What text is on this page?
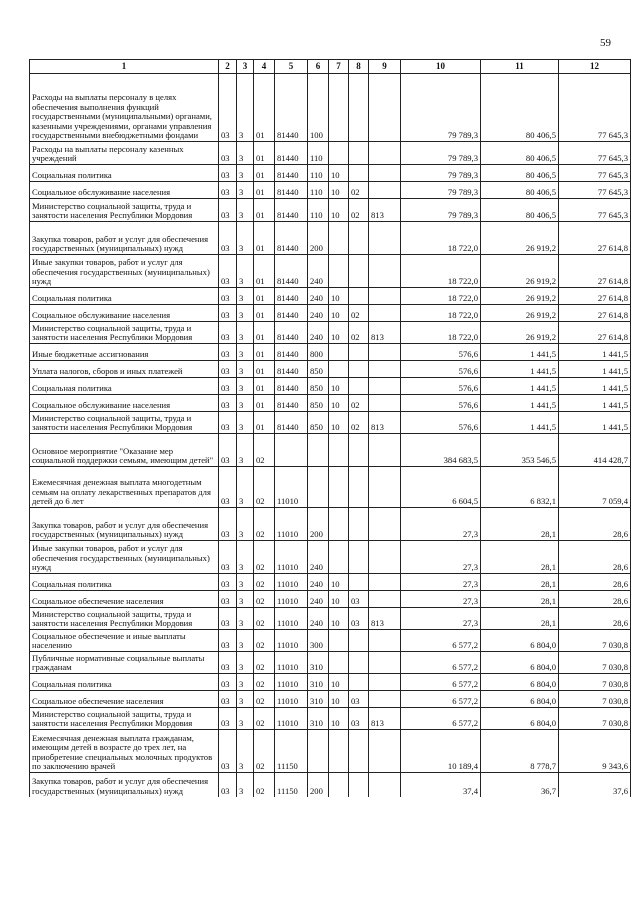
59
1	2	3	4	5	6	7	8	9	10	11	12
Расходы на выплаты персоналу в целях обеспечения выполнения функций государственными (муниципальными) органами, казенными учреждениями, органами управления государственными внебюджетными фондами	03	3	01	81440	100				79 789,3	80 406,5	77 645,3
Расходы на выплаты персоналу казенных учреждений	03	3	01	81440	110				79 789,3	80 406,5	77 645,3
Социальная политика	03	3	01	81440	110	10			79 789,3	80 406,5	77 645,3
Социальное обслуживание населения	03	3	01	81440	110	10	02		79 789,3	80 406,5	77 645,3
Министерство социальной защиты, труда и занятости населения Республики Мордовия	03	3	01	81440	110	10	02	813	79 789,3	80 406,5	77 645,3
Закупка товаров, работ и услуг для обеспечения государственных (муниципальных) нужд	03	3	01	81440	200				18 722,0	26 919,2	27 614,8
Иные закупки товаров, работ и услуг для обеспечения государственных (муниципальных) нужд	03	3	01	81440	240				18 722,0	26 919,2	27 614,8
Социальная политика	03	3	01	81440	240	10			18 722,0	26 919,2	27 614,8
Социальное обслуживание населения	03	3	01	81440	240	10	02		18 722,0	26 919,2	27 614,8
Министерство социальной защиты, труда и занятости населения Республики Мордовия	03	3	01	81440	240	10	02	813	18 722,0	26 919,2	27 614,8
Иные бюджетные ассигнования	03	3	01	81440	800				576,6	1 441,5	1 441,5
Уплата налогов, сборов и иных платежей	03	3	01	81440	850				576,6	1 441,5	1 441,5
Социальная политика	03	3	01	81440	850	10			576,6	1 441,5	1 441,5
Социальное обслуживание населения	03	3	01	81440	850	10	02		576,6	1 441,5	1 441,5
Министерство социальной защиты, труда и занятости населения Республики Мордовия	03	3	01	81440	850	10	02	813	576,6	1 441,5	1 441,5
Основное мероприятие "Оказание мер социальной поддержки семьям, имеющим детей"	03	3	02						384 683,5	353 546,5	414 428,7
Ежемесячная денежная выплата многодетным семьям на оплату лекарственных препаратов для детей до 6 лет	03	3	02	11010					6 604,5	6 832,1	7 059,4
Закупка товаров, работ и услуг для обеспечения государственных (муниципальных) нужд	03	3	02	11010	200				27,3	28,1	28,6
Иные закупки товаров, работ и услуг для обеспечения государственных (муниципальных) нужд	03	3	02	11010	240				27,3	28,1	28,6
Социальная политика	03	3	02	11010	240	10			27,3	28,1	28,6
Социальное обеспечение населения	03	3	02	11010	240	10	03		27,3	28,1	28,6
Министерство социальной защиты, труда и занятости населения Республики Мордовия	03	3	02	11010	240	10	03	813	27,3	28,1	28,6
Социальное обеспечение и иные выплаты населению	03	3	02	11010	300				6 577,2	6 804,0	7 030,8
Публичные нормативные социальные выплаты гражданам	03	3	02	11010	310				6 577,2	6 804,0	7 030,8
Социальная политика	03	3	02	11010	310	10			6 577,2	6 804,0	7 030,8
Социальное обеспечение населения	03	3	02	11010	310	10	03		6 577,2	6 804,0	7 030,8
Министерство социальной защиты, труда и занятости населения Республики Мордовия	03	3	02	11010	310	10	03	813	6 577,2	6 804,0	7 030,8
Ежемесячная денежная выплата гражданам, имеющим детей в возрасте до трех лет, на приобретение специальных молочных продуктов по заключению врачей	03	3	02	11150					10 189,4	8 778,7	9 343,6
Закупка товаров, работ и услуг для обеспечения государственных (муниципальных) нужд	03	3	02	11150	200				37,4	36,7	37,6
